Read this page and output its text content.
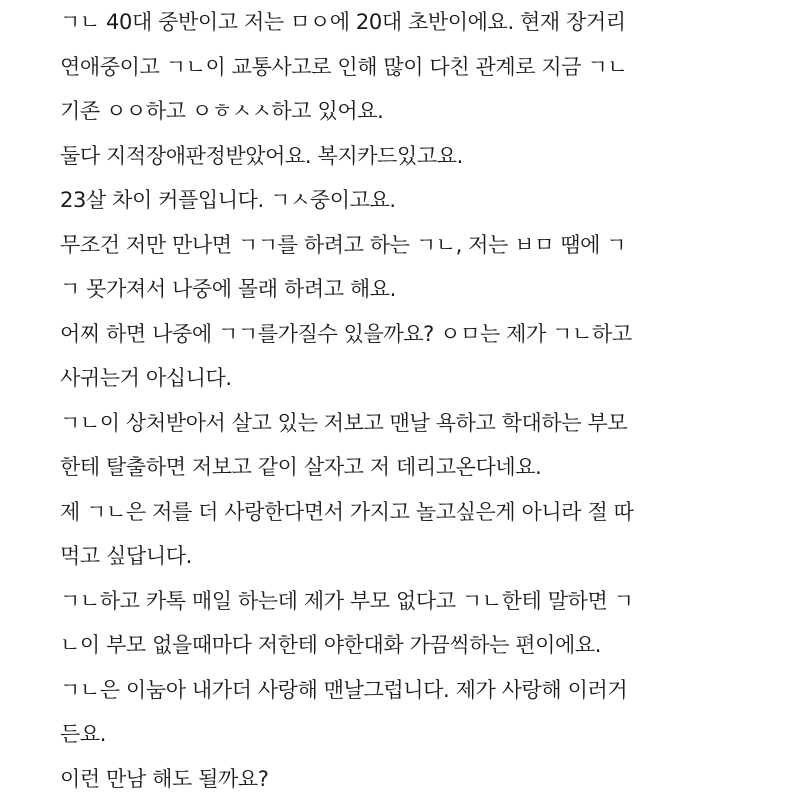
ㄱㄴ 40대 중반이고 저는 ㅁㅇ에 20대 초반이에요. 현재 장거리
연애중이고 ㄱㄴ이 교통사고로 인해 많이 다친 관계로 지금 ㄱㄴ
기존 ㅇㅇ하고 ㅇㅎㅅㅅ하고 있어요.
둘다 지적장애판정받았어요. 복지카드있고요.
23살 차이 커플입니다. ㄱㅅ중이고요.
무조건 저만 만나면 ㄱㄱ를 하려고 하는 ㄱㄴ, 저는 ㅂㅁ 땜에 ㄱ
ㄱ 못가져서 나중에 몰래 하려고 해요.
어찌 하면 나중에 ㄱㄱ를가질수 있을까요? ㅇㅁ는 제가 ㄱㄴ하고
사귀는거 아십니다.
ㄱㄴ이 상처받아서 살고 있는 저보고 맨날 욕하고 학대하는 부모
한테 탈출하면 저보고 같이 살자고 저 데리고온다네요.
제 ㄱㄴ은 저를 더 사랑한다면서 가지고 놀고싶은게 아니라 절 따
먹고 싶답니다.
ㄱㄴ하고 카톡 매일 하는데 제가 부모 없다고 ㄱㄴ한테 말하면 ㄱ
ㄴ이 부모 없을때마다 저한테 야한대화 가끔씩하는 편이에요.
ㄱㄴ은 이눔아 내가더 사랑해 맨날그럽니다. 제가 사랑해 이러거
든요.
이런 만남 해도 될까요?
